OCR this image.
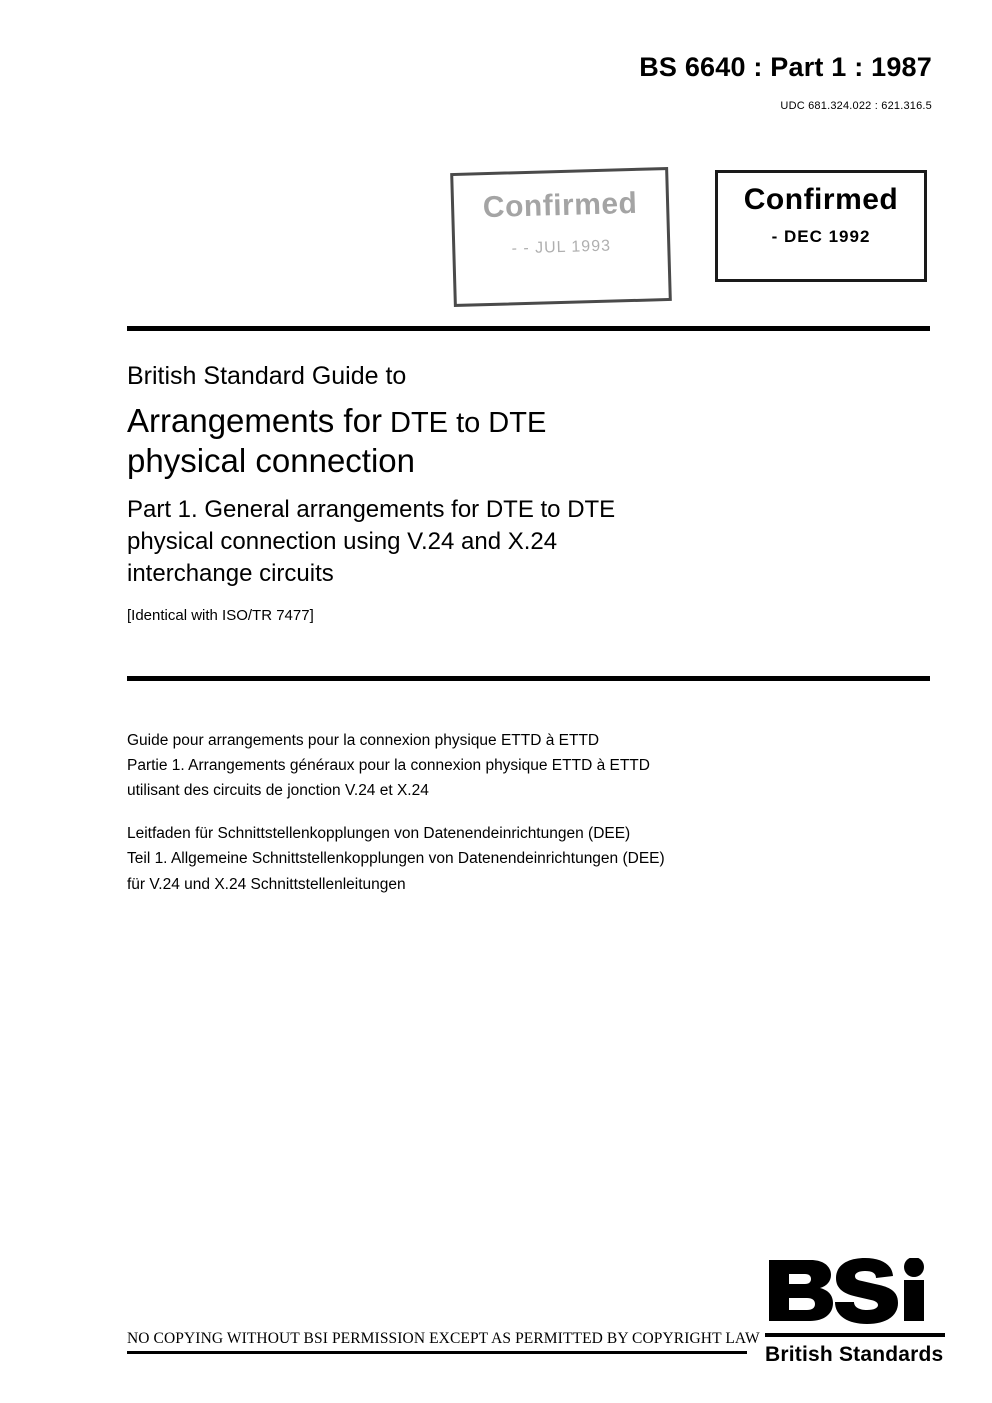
BS 6640 : Part 1 : 1987
UDC 681.324.022 : 621.316.5
Confirmed
- - JUL 1993
Confirmed
- DEC 1992
British Standard Guide to
Arrangements for DTE to DTE
physical connection
Part 1. General arrangements for DTE to DTE
physical connection using V.24 and X.24
interchange circuits
[Identical with ISO/TR 7477]
Guide pour arrangements pour la connexion physique ETTD à ETTD
Partie 1. Arrangements généraux pour la connexion physique ETTD à ETTD
utilisant des circuits de jonction V.24 et X.24
Leitfaden für Schnittstellenkopplungen von Datenendeinrichtungen (DEE)
Teil 1. Allgemeine Schnittstellenkopplungen von Datenendeinrichtungen (DEE)
für V.24 und X.24 Schnittstellenleitungen
NO COPYING WITHOUT BSI PERMISSION EXCEPT AS PERMITTED BY COPYRIGHT LAW
British Standards
